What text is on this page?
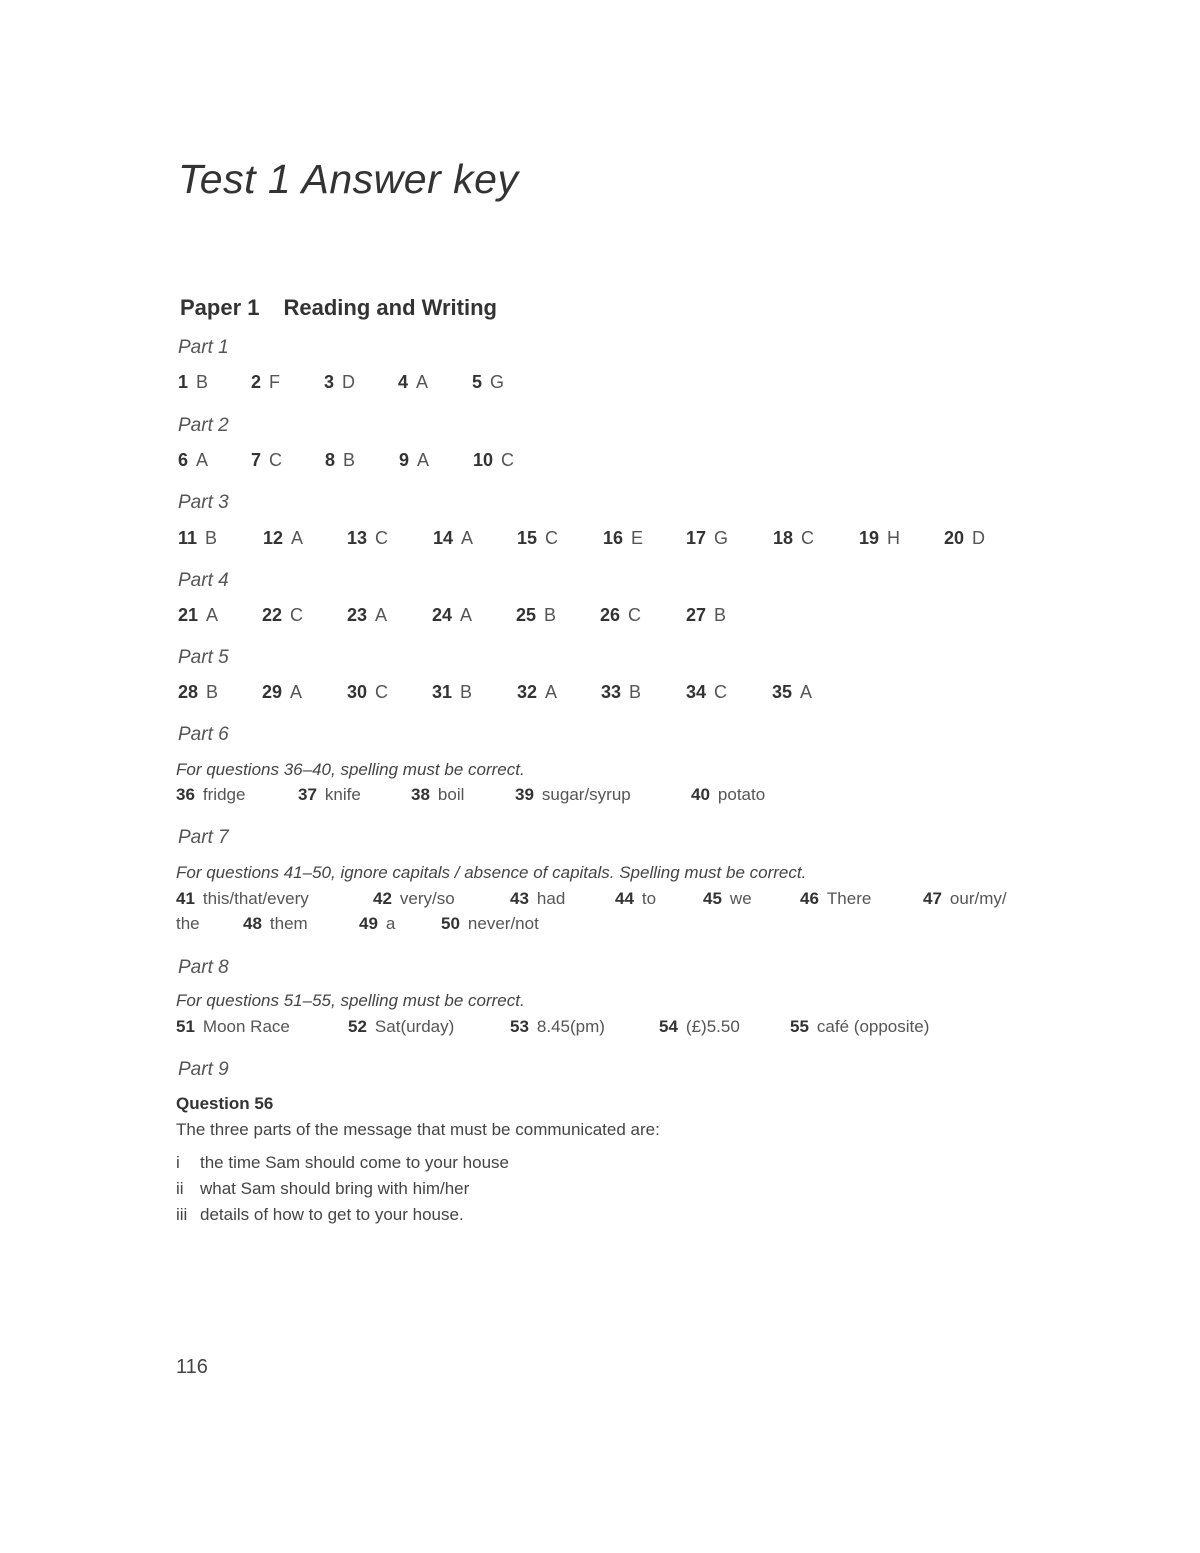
Test 1 Answer key
Paper 1 Reading and Writing
Part 1
1 B 2 F 3 D 4 A 5 G
Part 2
6 A 7 C 8 B 9 A 10 C
Part 3
11 B	12 A 13 C 14 A 15 C 16 E 17 G 18 C 19 H 20 D
Part 4
21 A 22 C 23 A 24 A 25 B 26 C 27 B
Part 5
28 B 29 A 30 C 31 B 32 A 33 B 34 C 35 A
Part 6
For questions 36–40, spelling must be correct.
36 fridge	37 knife	38 boil	39 sugar/syrup	40 potato
Part 7
For questions 41–50, ignore capitals / absence of capitals. Spelling must be correct.
41 this/that/every	42 very/so	43 had	44 to	45 we	46 There	47 our/my/
the	48 them	49 a	50 never/not
Part 8
For questions 51–55, spelling must be correct.
51 Moon Race	52 Sat(urday)	53 8.45(pm)	54 (£)5.50	55 café (opposite)
Part 9
Question 56
The three parts of the message that must be communicated are:
i the time Sam should come to your house
ii what Sam should bring with him/her
iii details of how to get to your house.
116
